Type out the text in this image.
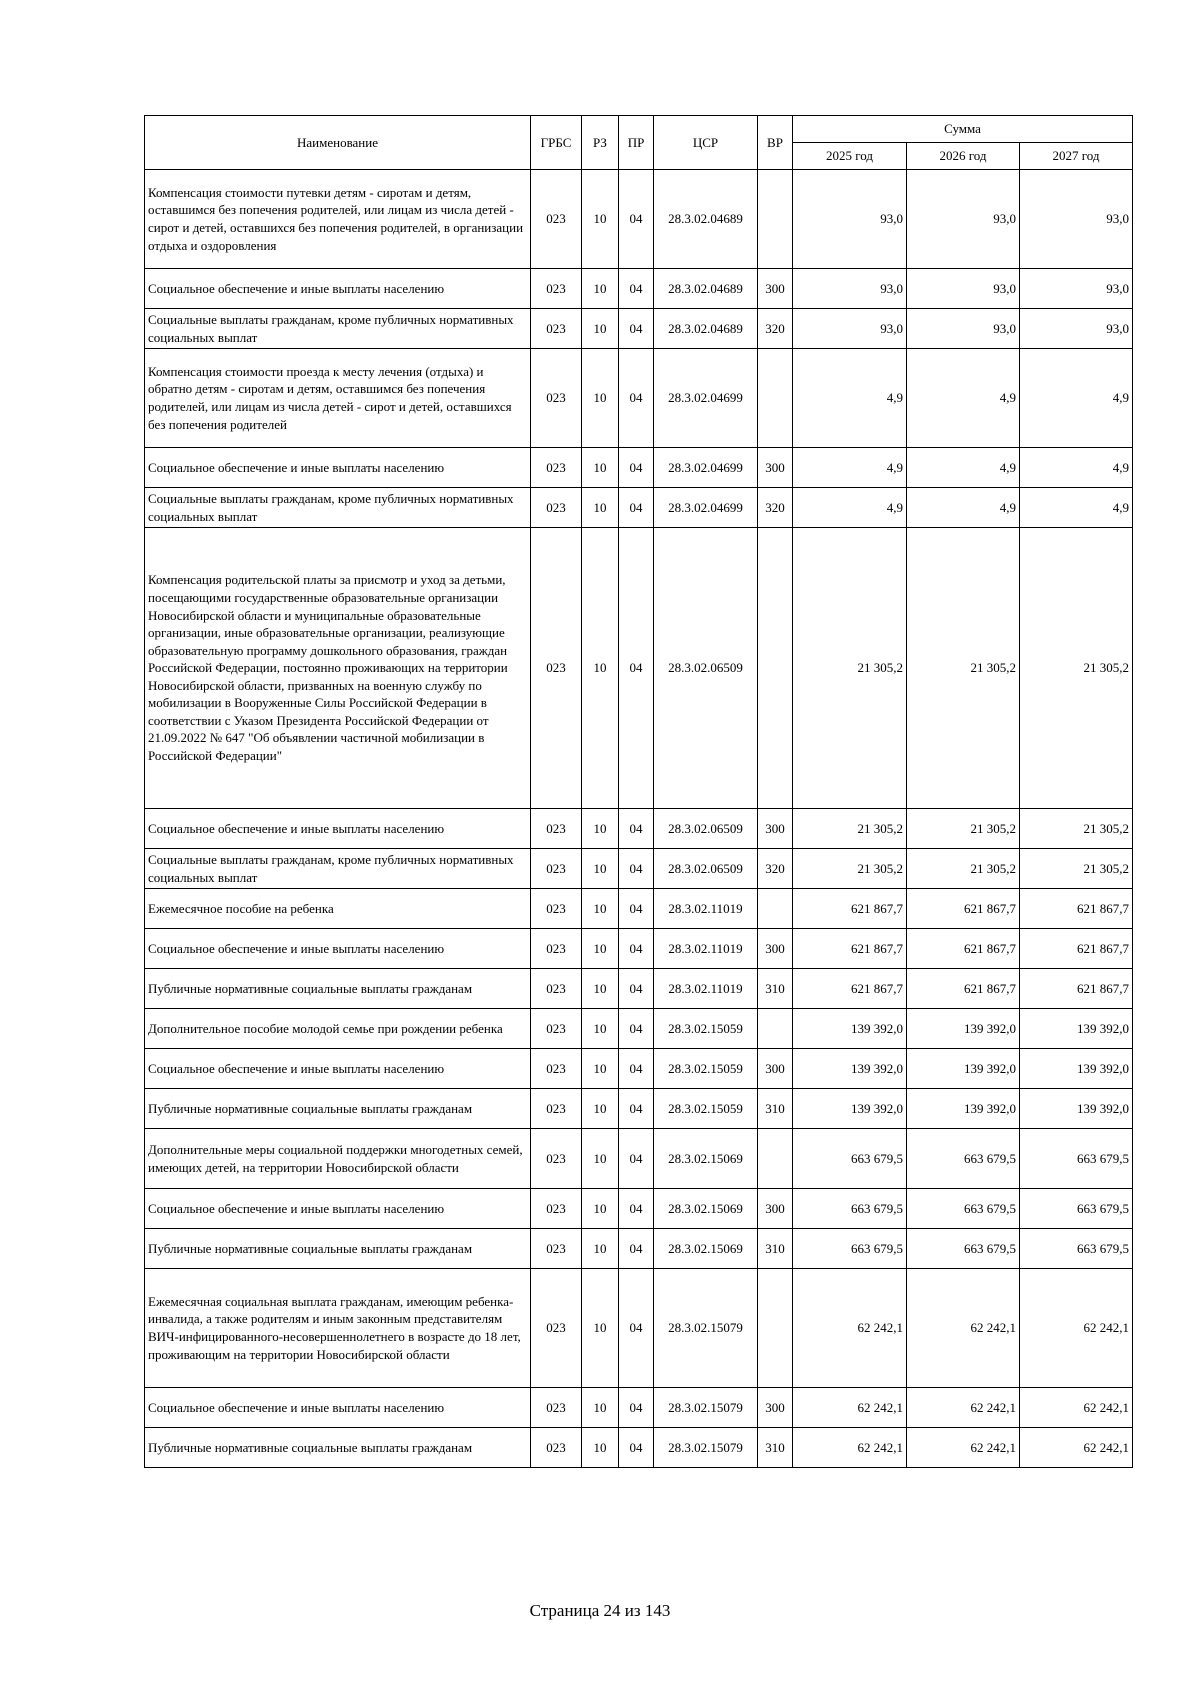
Наименование	ГРБС	РЗ	ПР	ЦСР	ВР	Сумма		
						2025 год	2026 год	2027 год
Компенсация стоимости путевки детям - сиротам и детям, оставшимся без попечения родителей, или лицам из числа детей - сирот и детей, оставшихся без попечения родителей, в организации отдыха и оздоровления	023	10	04	28.3.02.04689		93,0	93,0	93,0
Социальное обеспечение и иные выплаты населению	023	10	04	28.3.02.04689	300	93,0	93,0	93,0
Социальные выплаты гражданам, кроме публичных нормативных социальных выплат	023	10	04	28.3.02.04689	320	93,0	93,0	93,0
Компенсация стоимости проезда к месту лечения (отдыха) и обратно детям - сиротам и детям, оставшимся без попечения родителей, или лицам из числа детей - сирот и детей, оставшихся без попечения родителей	023	10	04	28.3.02.04699		4,9	4,9	4,9
Социальное обеспечение и иные выплаты населению	023	10	04	28.3.02.04699	300	4,9	4,9	4,9
Социальные выплаты гражданам, кроме публичных нормативных социальных выплат	023	10	04	28.3.02.04699	320	4,9	4,9	4,9
Компенсация родительской платы за присмотр и уход за детьми, посещающими государственные образовательные организации Новосибирской области и муниципальные образовательные организации, иные образовательные организации, реализующие образовательную программу дошкольного образования, граждан Российской Федерации, постоянно проживающих на территории Новосибирской области, призванных на военную службу по мобилизации в Вооруженные Силы Российской Федерации в соответствии с Указом Президента Российской Федерации от 21.09.2022 № 647 "Об объявлении частичной мобилизации в Российской Федерации"	023	10	04	28.3.02.06509		21 305,2	21 305,2	21 305,2
Социальное обеспечение и иные выплаты населению	023	10	04	28.3.02.06509	300	21 305,2	21 305,2	21 305,2
Социальные выплаты гражданам, кроме публичных нормативных социальных выплат	023	10	04	28.3.02.06509	320	21 305,2	21 305,2	21 305,2
Ежемесячное пособие на ребенка	023	10	04	28.3.02.11019		621 867,7	621 867,7	621 867,7
Социальное обеспечение и иные выплаты населению	023	10	04	28.3.02.11019	300	621 867,7	621 867,7	621 867,7
Публичные нормативные социальные выплаты гражданам	023	10	04	28.3.02.11019	310	621 867,7	621 867,7	621 867,7
Дополнительное пособие молодой семье при рождении ребенка	023	10	04	28.3.02.15059		139 392,0	139 392,0	139 392,0
Социальное обеспечение и иные выплаты населению	023	10	04	28.3.02.15059	300	139 392,0	139 392,0	139 392,0
Публичные нормативные социальные выплаты гражданам	023	10	04	28.3.02.15059	310	139 392,0	139 392,0	139 392,0
Дополнительные меры социальной поддержки многодетных семей, имеющих детей, на территории Новосибирской области	023	10	04	28.3.02.15069		663 679,5	663 679,5	663 679,5
Социальное обеспечение и иные выплаты населению	023	10	04	28.3.02.15069	300	663 679,5	663 679,5	663 679,5
Публичные нормативные социальные выплаты гражданам	023	10	04	28.3.02.15069	310	663 679,5	663 679,5	663 679,5
Ежемесячная социальная выплата гражданам, имеющим ребенка-инвалида, а также родителям и иным законным представителям ВИЧ-инфицированного-несовершеннолетнего в возрасте до 18 лет, проживающим на территории Новосибирской области	023	10	04	28.3.02.15079		62 242,1	62 242,1	62 242,1
Социальное обеспечение и иные выплаты населению	023	10	04	28.3.02.15079	300	62 242,1	62 242,1	62 242,1
Публичные нормативные социальные выплаты гражданам	023	10	04	28.3.02.15079	310	62 242,1	62 242,1	62 242,1
Страница 24 из 143
